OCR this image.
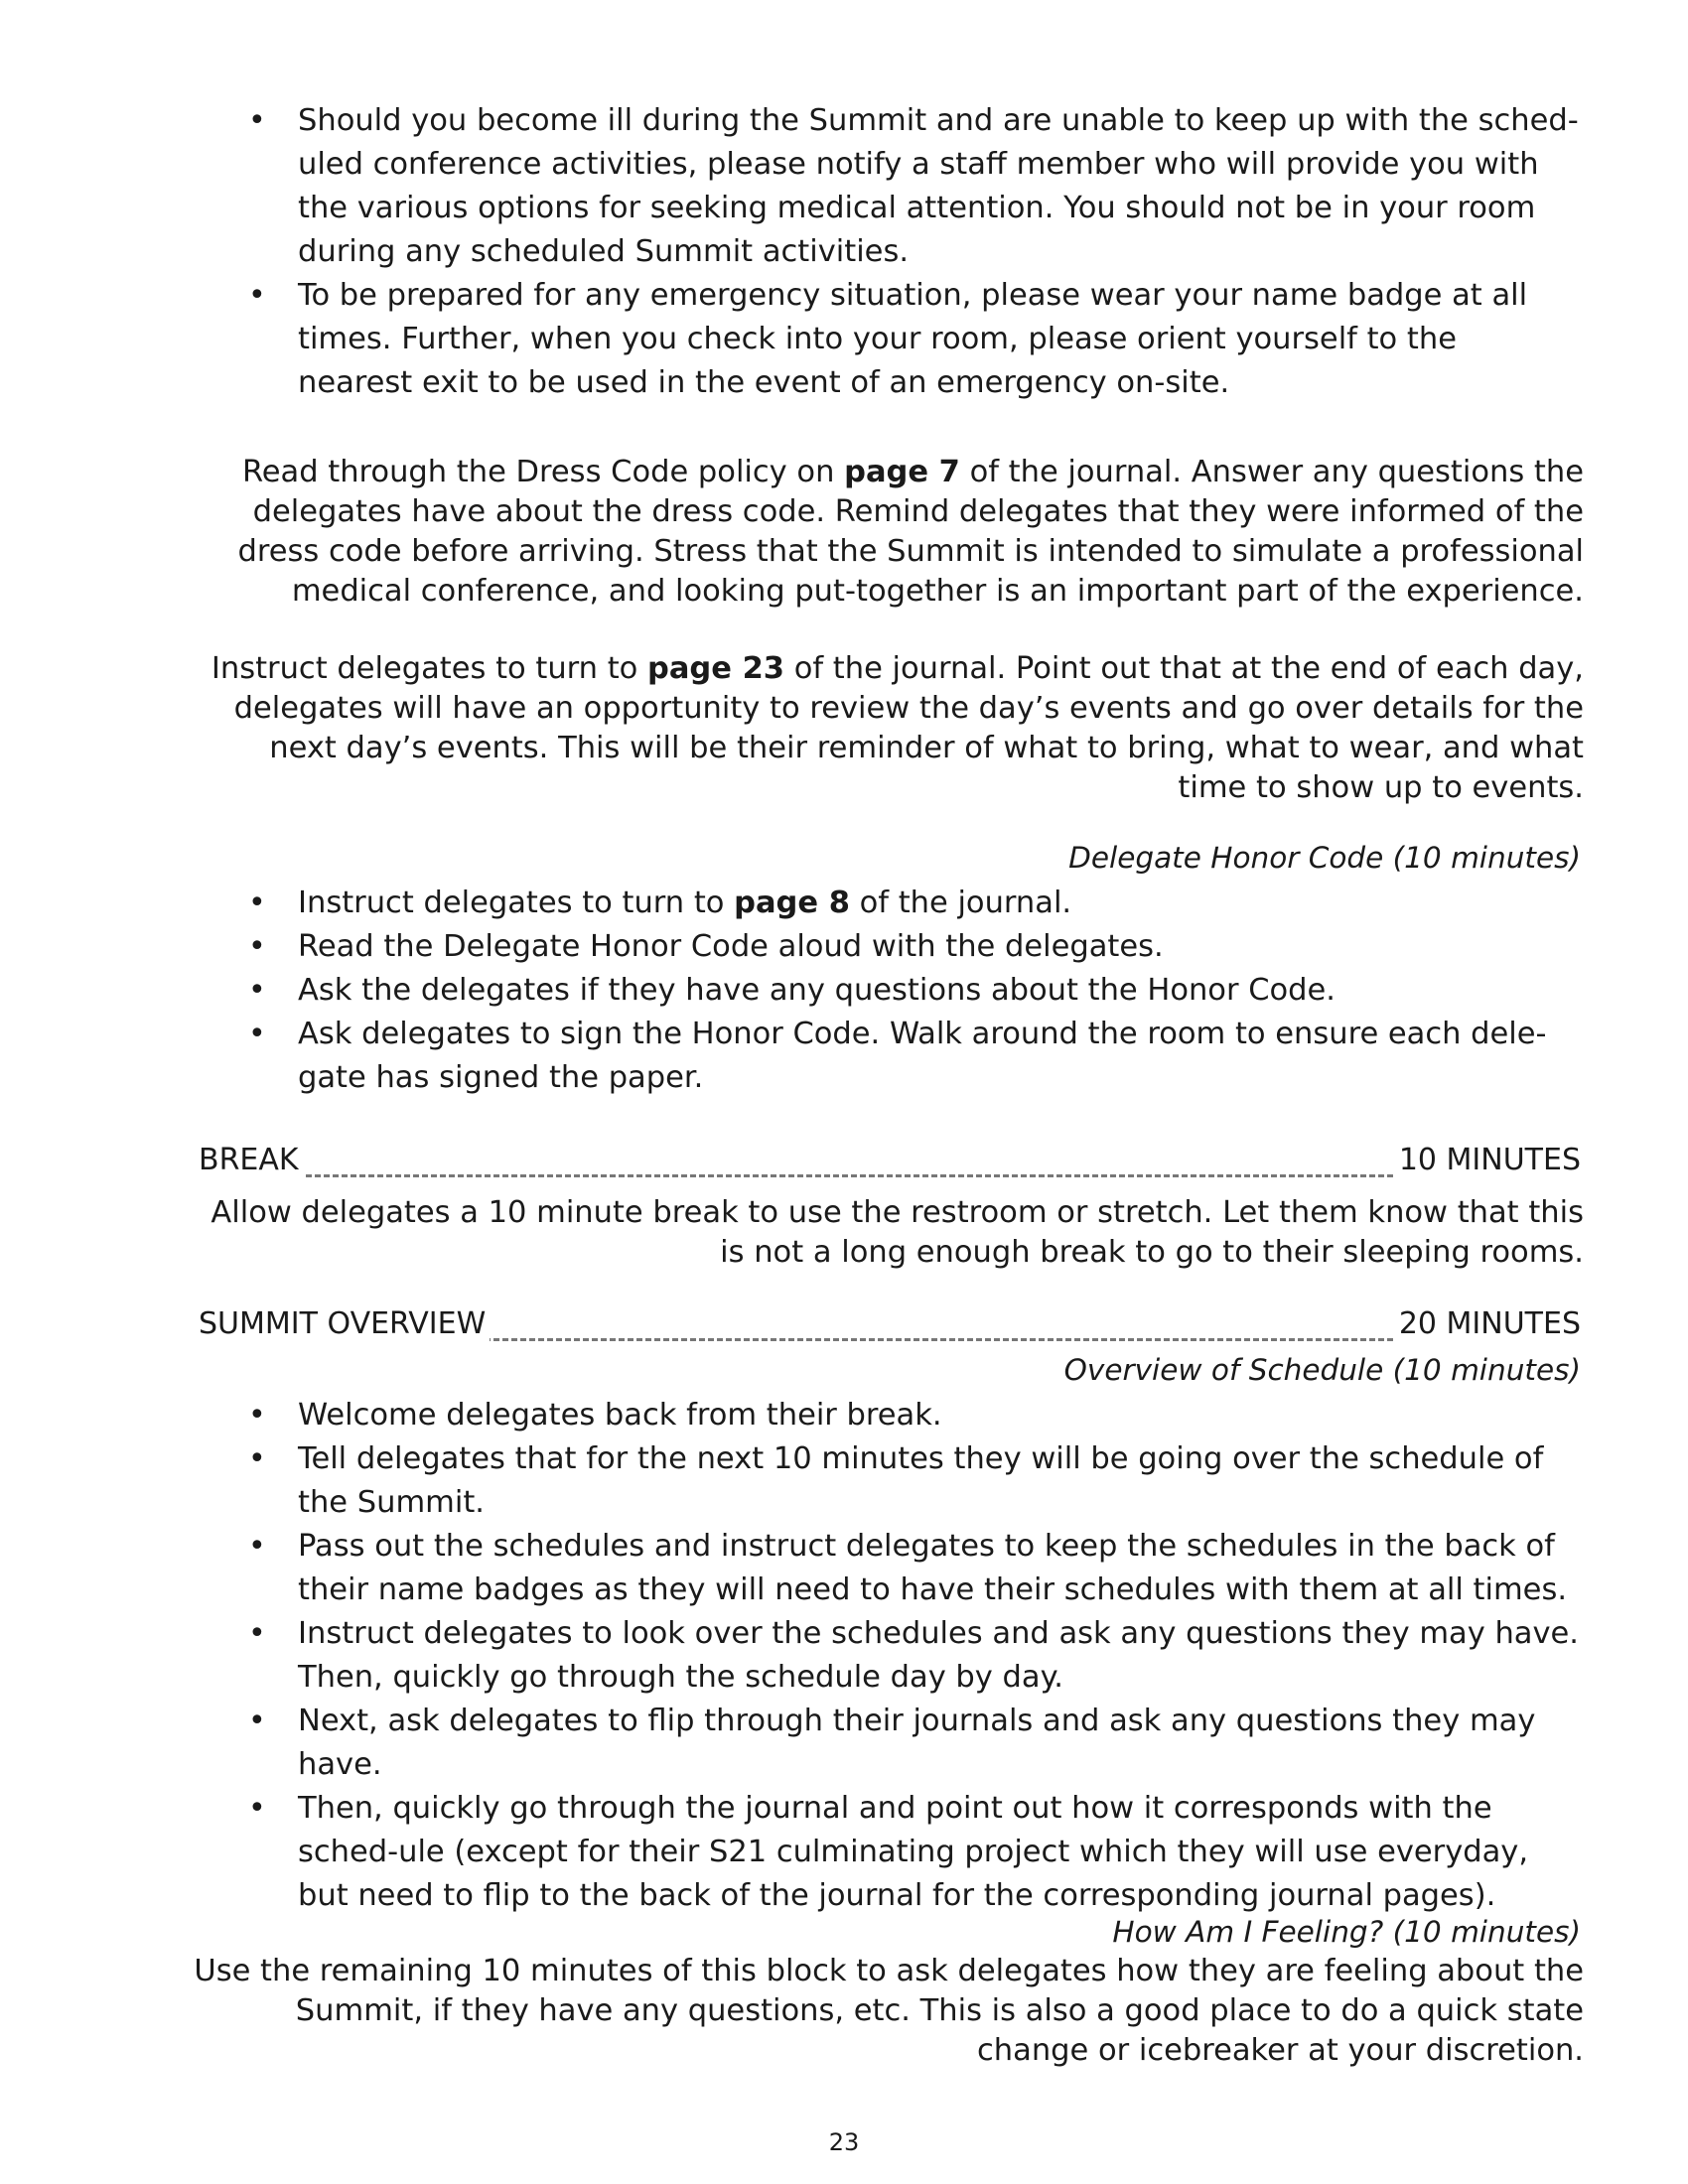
• Should you become ill during the Summit and are unable to keep up with the sched-uled conference activities, please notify a staff member who will provide you with the various options for seeking medical attention. You should not be in your room during any scheduled Summit activities.
• To be prepared for any emergency situation, please wear your name badge at all times. Further, when you check into your room, please orient yourself to the nearest exit to be used in the event of an emergency on-site.
Read through the Dress Code policy on page 7 of the journal. Answer any questions the delegates have about the dress code. Remind delegates that they were informed of the dress code before arriving. Stress that the Summit is intended to simulate a professional medical conference, and looking put-together is an important part of the experience.
Instruct delegates to turn to page 23 of the journal. Point out that at the end of each day, delegates will have an opportunity to review the day’s events and go over details for the next day’s events. This will be their reminder of what to bring, what to wear, and what time to show up to events.
Delegate Honor Code (10 minutes)
• Instruct delegates to turn to page 8 of the journal.
• Read the Delegate Honor Code aloud with the delegates.
• Ask the delegates if they have any questions about the Honor Code.
• Ask delegates to sign the Honor Code. Walk around the room to ensure each dele-gate has signed the paper.
BREAK	10 MINUTES
Allow delegates a 10 minute break to use the restroom or stretch. Let them know that this is not a long enough break to go to their sleeping rooms.
SUMMIT OVERVIEW	20 MINUTES
Overview of Schedule (10 minutes)
• Welcome delegates back from their break.
• Tell delegates that for the next 10 minutes they will be going over the schedule of the Summit.
• Pass out the schedules and instruct delegates to keep the schedules in the back of their name badges as they will need to have their schedules with them at all times.
• Instruct delegates to look over the schedules and ask any questions they may have. Then, quickly go through the schedule day by day.
• Next, ask delegates to flip through their journals and ask any questions they may have.
• Then, quickly go through the journal and point out how it corresponds with the sched-ule (except for their S21 culminating project which they will use everyday, but need to flip to the back of the journal for the corresponding journal pages).
How Am I Feeling? (10 minutes)
Use the remaining 10 minutes of this block to ask delegates how they are feeling about the Summit, if they have any questions, etc. This is also a good place to do a quick state change or icebreaker at your discretion.
23
